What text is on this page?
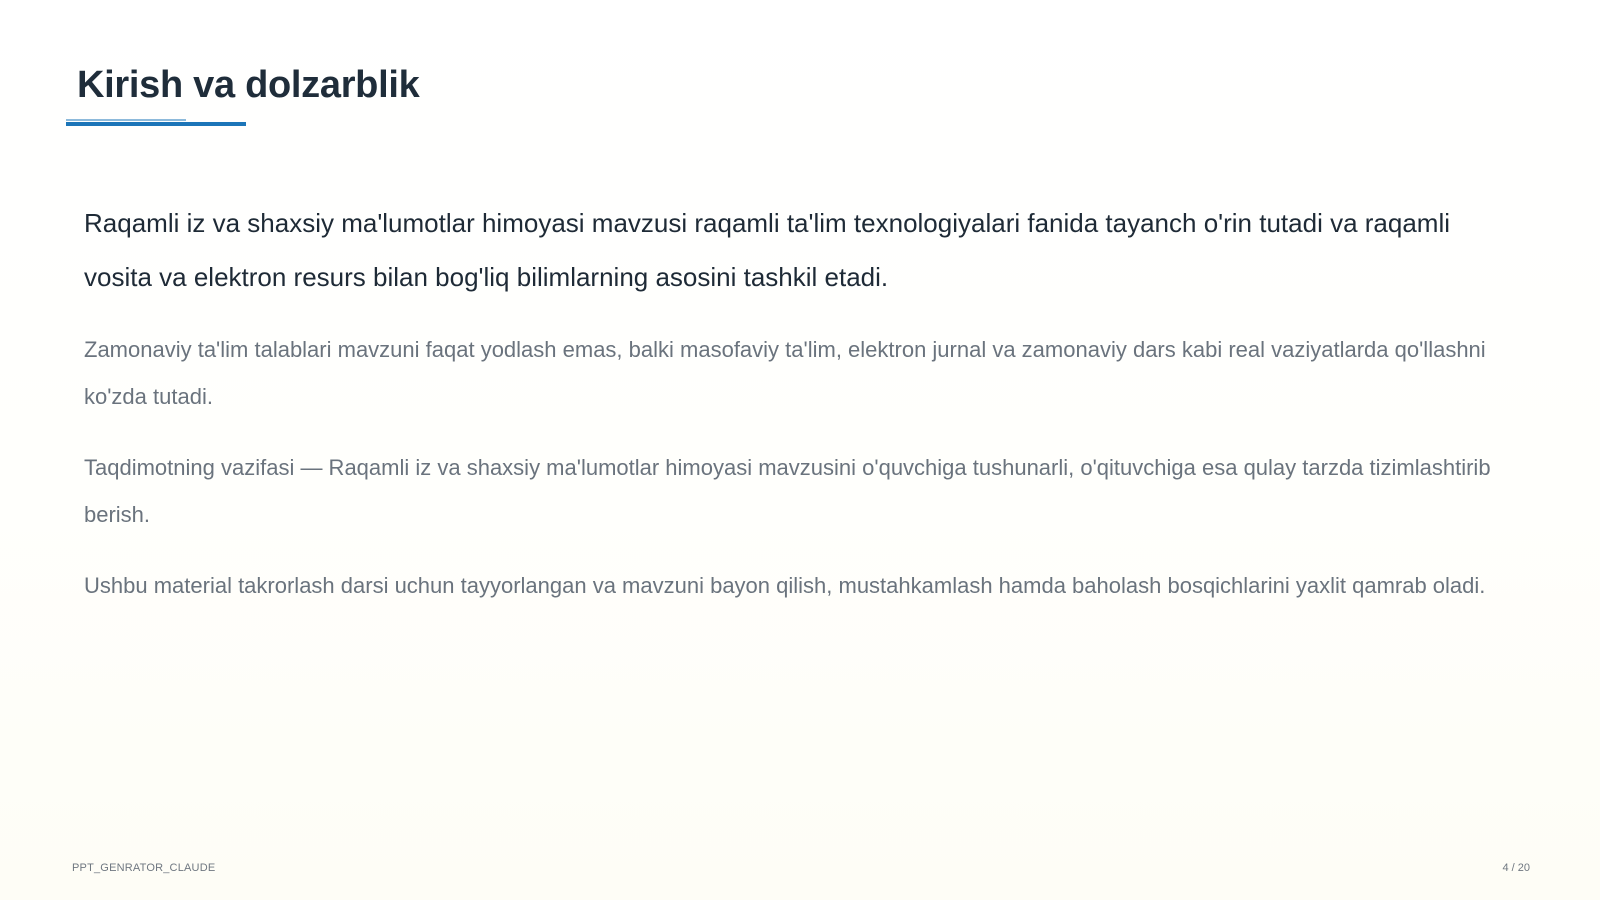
Kirish va dolzarblik

Raqamli iz va shaxsiy ma'lumotlar himoyasi mavzusi raqamli ta'lim texnologiyalari fanida tayanch o'rin tutadi va raqamli vosita va elektron resurs bilan bog'liq bilimlarning asosini tashkil etadi.

Zamonaviy ta'lim talablari mavzuni faqat yodlash emas, balki masofaviy ta'lim, elektron jurnal va zamonaviy dars kabi real vaziyatlarda qo'llashni ko'zda tutadi.

Taqdimotning vazifasi — Raqamli iz va shaxsiy ma'lumotlar himoyasi mavzusini o'quvchiga tushunarli, o'qituvchiga esa qulay tarzda tizimlashtirib berish.

Ushbu material takrorlash darsi uchun tayyorlangan va mavzuni bayon qilish, mustahkamlash hamda baholash bosqichlarini yaxlit qamrab oladi.

PPT_GENRATOR_CLAUDE	4 / 20
